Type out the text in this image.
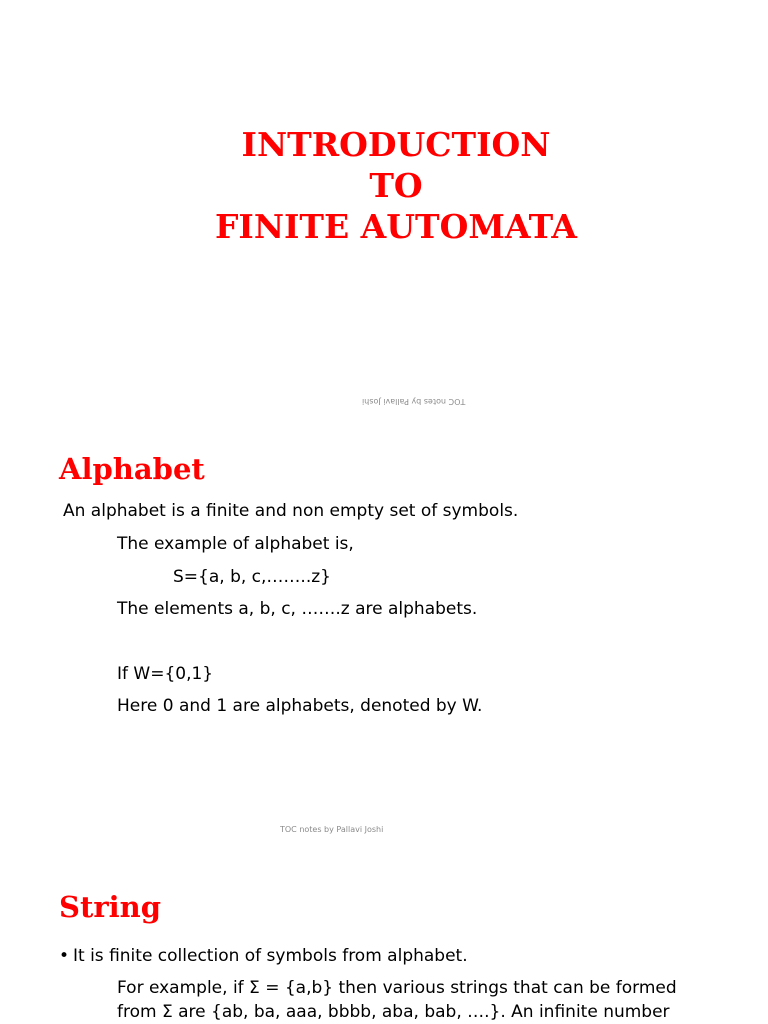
INTRODUCTION
TO
FINITE AUTOMATA
TOC notes by Pallavi Joshi
Alphabet
An alphabet is a finite and non empty set of symbols.
The example of alphabet is,
S={a, b, c,……..z}
The elements a, b, c, …….z are alphabets.
If W={0,1}
Here 0 and 1 are alphabets, denoted by W.
TOC notes by Pallavi Joshi
String
• It is finite collection of symbols from alphabet.
For example, if Σ = {a,b} then various strings that can be formed
from Σ are {ab, ba, aaa, bbbb, aba, bab, ….}. An infinite number
